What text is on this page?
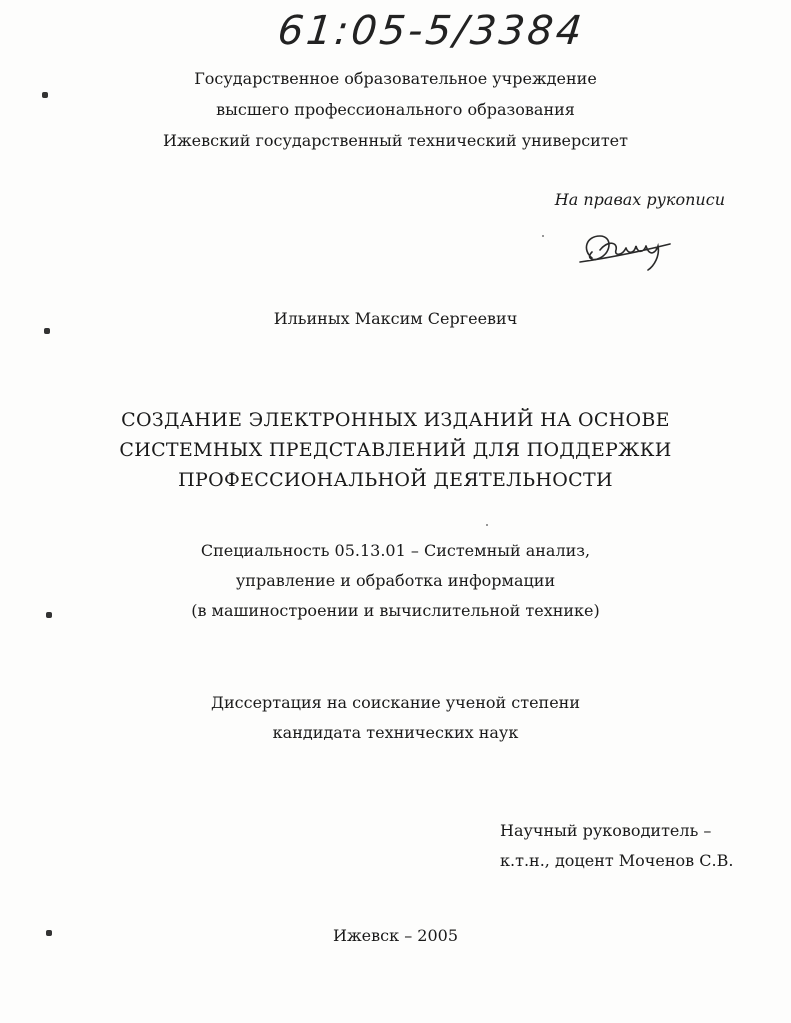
61:05-5/3384
Государственное образовательное учреждение
высшего профессионального образования
Ижевский государственный технический университет
На правах рукописи
Ильиных Максим Сергеевич
СОЗДАНИЕ ЭЛЕКТРОННЫХ ИЗДАНИЙ НА ОСНОВЕ
СИСТЕМНЫХ ПРЕДСТАВЛЕНИЙ ДЛЯ ПОДДЕРЖКИ
ПРОФЕССИОНАЛЬНОЙ ДЕЯТЕЛЬНОСТИ
Специальность 05.13.01 – Системный анализ,
управление и обработка информации
(в машиностроении и вычислительной технике)
Диссертация на соискание ученой степени
кандидата технических наук
Научный руководитель –
к.т.н., доцент Моченов С.В.
Ижевск – 2005
